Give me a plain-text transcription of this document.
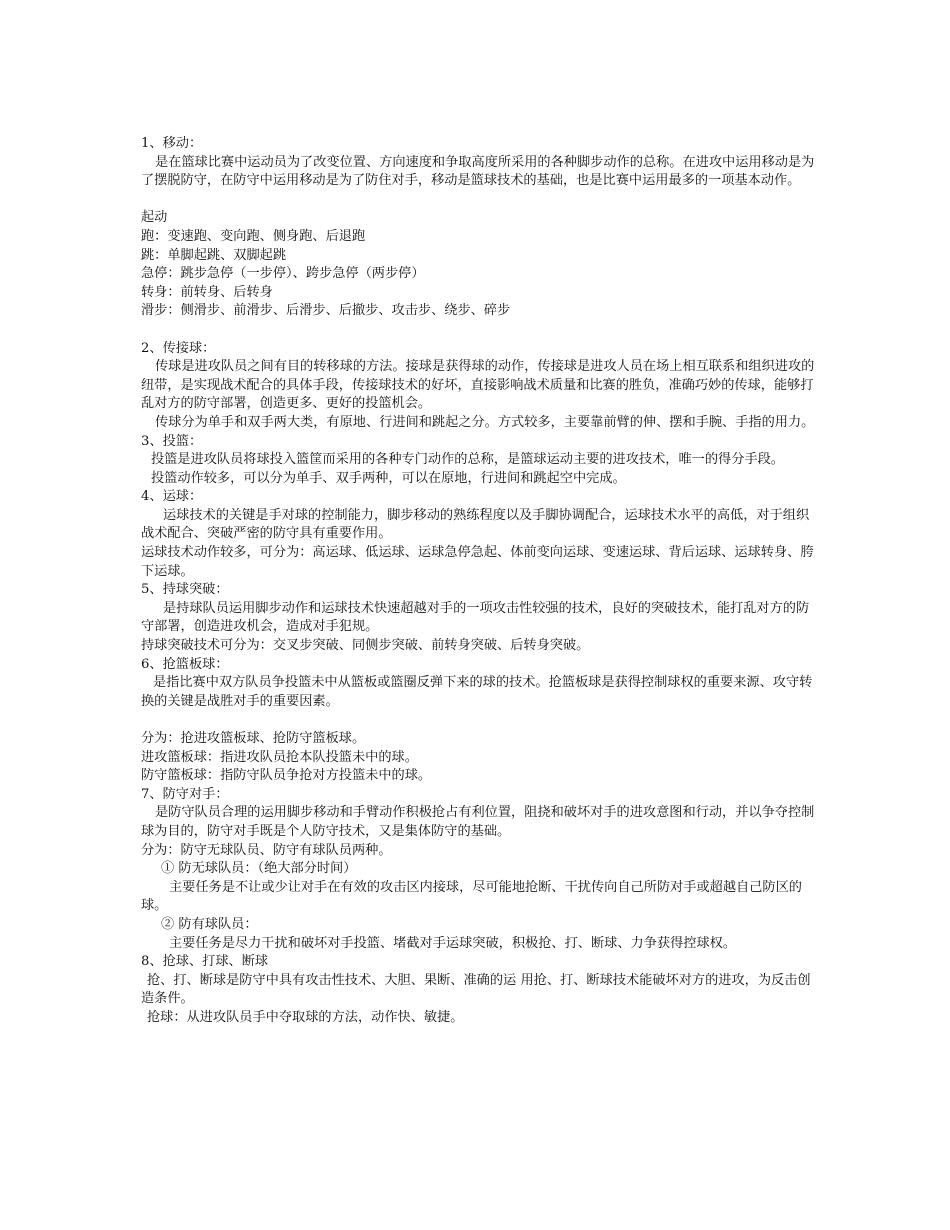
1、移动：
是在篮球比赛中运动员为了改变位置、方向速度和争取高度所采用的各种脚步动作的总称。在进攻中运用移动是为了摆脱防守，在防守中运用移动是为了防住对手，移动是篮球技术的基础，也是比赛中运用最多的一项基本动作。
起动
跑：变速跑、变向跑、侧身跑、后退跑
跳：单脚起跳、双脚起跳
急停：跳步急停（一步停）、跨步急停（两步停）
转身：前转身、后转身
滑步：侧滑步、前滑步、后滑步、后撤步、攻击步、绕步、碎步
2、传接球：
传球是进攻队员之间有目的转移球的方法。接球是获得球的动作，传接球是进攻人员在场上相互联系和组织进攻的纽带，是实现战术配合的具体手段，传接球技术的好坏，直接影响战术质量和比赛的胜负，准确巧妙的传球，能够打乱对方的防守部署，创造更多、更好的投篮机会。
传球分为单手和双手两大类，有原地、行进间和跳起之分。方式较多，主要靠前臂的伸、摆和手腕、手指的用力。
3、投篮：
投篮是进攻队员将球投入篮筐而采用的各种专门动作的总称，是篮球运动主要的进攻技术，唯一的得分手段。
投篮动作较多，可以分为单手、双手两种，可以在原地，行进间和跳起空中完成。
4、运球：
运球技术的关键是手对球的控制能力，脚步移动的熟练程度以及手脚协调配合，运球技术水平的高低，对于组织战术配合、突破严密的防守具有重要作用。
运球技术动作较多，可分为：高运球、低运球、运球急停急起、体前变向运球、变速运球、背后运球、运球转身、胯下运球。
5、持球突破：
是持球队员运用脚步动作和运球技术快速超越对手的一项攻击性较强的技术，良好的突破技术，能打乱对方的防守部署，创造进攻机会，造成对手犯规。
持球突破技术可分为：交叉步突破、同侧步突破、前转身突破、后转身突破。
6、抢篮板球：
是指比赛中双方队员争投篮未中从篮板或篮圈反弹下来的球的技术。抢篮板球是获得控制球权的重要来源、攻守转换的关键是战胜对手的重要因素。
分为：抢进攻篮板球、抢防守篮板球。
进攻篮板球：指进攻队员抢本队投篮未中的球。
防守篮板球：指防守队员争抢对方投篮未中的球。
7、防守对手：
是防守队员合理的运用脚步移动和手臂动作积极抢占有利位置，阻挠和破坏对手的进攻意图和行动，并以争夺控制球为目的，防守对手既是个人防守技术，又是集体防守的基础。
分为：防守无球队员、防守有球队员两种。
① 防无球队员：（绝大部分时间）
主要任务是不让或少让对手在有效的攻击区内接球，尽可能地抢断、干扰传向自己所防对手或超越自己防区的球。
② 防有球队员：
主要任务是尽力干扰和破坏对手投篮、堵截对手运球突破，积极抢、打、断球、力争获得控球权。
8、抢球、打球、断球
抢、打、断球是防守中具有攻击性技术、大胆、果断、准确的运 用抢、打、断球技术能破坏对方的进攻，为反击创造条件。
抢球：从进攻队员手中夺取球的方法，动作快、敏捷。
